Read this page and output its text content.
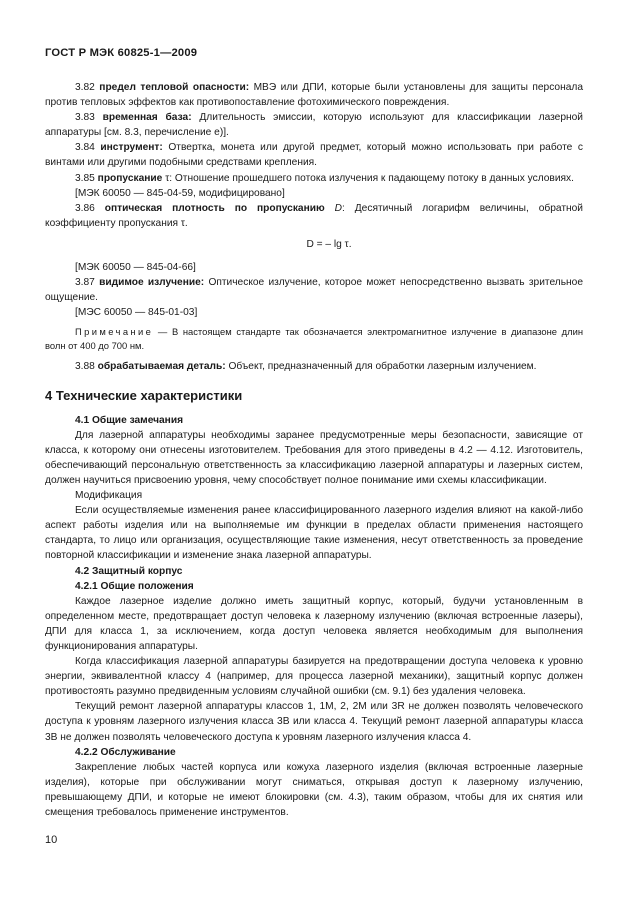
ГОСТ Р МЭК 60825-1—2009

3.82 предел тепловой опасности: МВЭ или ДПИ, которые были установлены для защиты персонала против тепловых эффектов как противопоставление фотохимического повреждения.

3.83 временная база: Длительность эмиссии, которую используют для классификации лазерной аппаратуры [см. 8.3, перечисление е)].

3.84 инструмент: Отвертка, монета или другой предмет, который можно использовать при работе с винтами или другими подобными средствами крепления.

3.85 пропускание τ: Отношение прошедшего потока излучения к падающему потоку в данных условиях.

[МЭК 60050 — 845-04-59, модифицировано]

3.86 оптическая плотность по пропусканию D: Десятичный логарифм величины, обратной коэффициенту пропускания τ.

D = – lg τ.

[МЭК 60050 — 845-04-66]

3.87 видимое излучение: Оптическое излучение, которое может непосредственно вызвать зрительное ощущение.

[МЭС 60050 — 845-01-03]

Примечание — В настоящем стандарте так обозначается электромагнитное излучение в диапазоне длин волн от 400 до 700 нм.

3.88 обрабатываемая деталь: Объект, предназначенный для обработки лазерным излучением.

4 Технические характеристики

4.1 Общие замечания

Для лазерной аппаратуры необходимы заранее предусмотренные меры безопасности, зависящие от класса, к которому они отнесены изготовителем. Требования для этого приведены в 4.2 — 4.12. Изготовитель, обеспечивающий персональную ответственность за классификацию лазерной аппаратуры и лазерных систем, должен научиться присвоению уровня, чему способствует полное понимание ими схемы классификации.

Модификация

Если осуществляемые изменения ранее классифицированного лазерного изделия влияют на какой-либо аспект работы изделия или на выполняемые им функции в пределах области применения настоящего стандарта, то лицо или организация, осуществляющие такие изменения, несут ответственность за проведение повторной классификации и изменение знака лазерной аппаратуры.

4.2 Защитный корпус

4.2.1 Общие положения

Каждое лазерное изделие должно иметь защитный корпус, который, будучи установленным в определенном месте, предотвращает доступ человека к лазерному излучению (включая встроенные лазеры), ДПИ для класса 1, за исключением, когда доступ человека является необходимым для выполнения функционирования аппаратуры.

Когда классификация лазерной аппаратуры базируется на предотвращении доступа человека к уровню энергии, эквивалентной классу 4 (например, для процесса лазерной механики), защитный корпус должен противостоять разумно предвиденным условиям случайной ошибки (см. 9.1) без удаления человека.

Текущий ремонт лазерной аппаратуры классов 1, 1М, 2, 2М или 3R не должен позволять человеческого доступа к уровням лазерного излучения класса 3В или класса 4. Текущий ремонт лазерной аппаратуры класса 3В не должен позволять человеческого доступа к уровням лазерного излучения класса 4.

4.2.2 Обслуживание

Закрепление любых частей корпуса или кожуха лазерного изделия (включая встроенные лазерные изделия), которые при обслуживании могут сниматься, открывая доступ к лазерному излучению, превышающему ДПИ, и которые не имеют блокировки (см. 4.3), таким образом, чтобы для их снятия или смещения требовалось применение инструментов.

10
